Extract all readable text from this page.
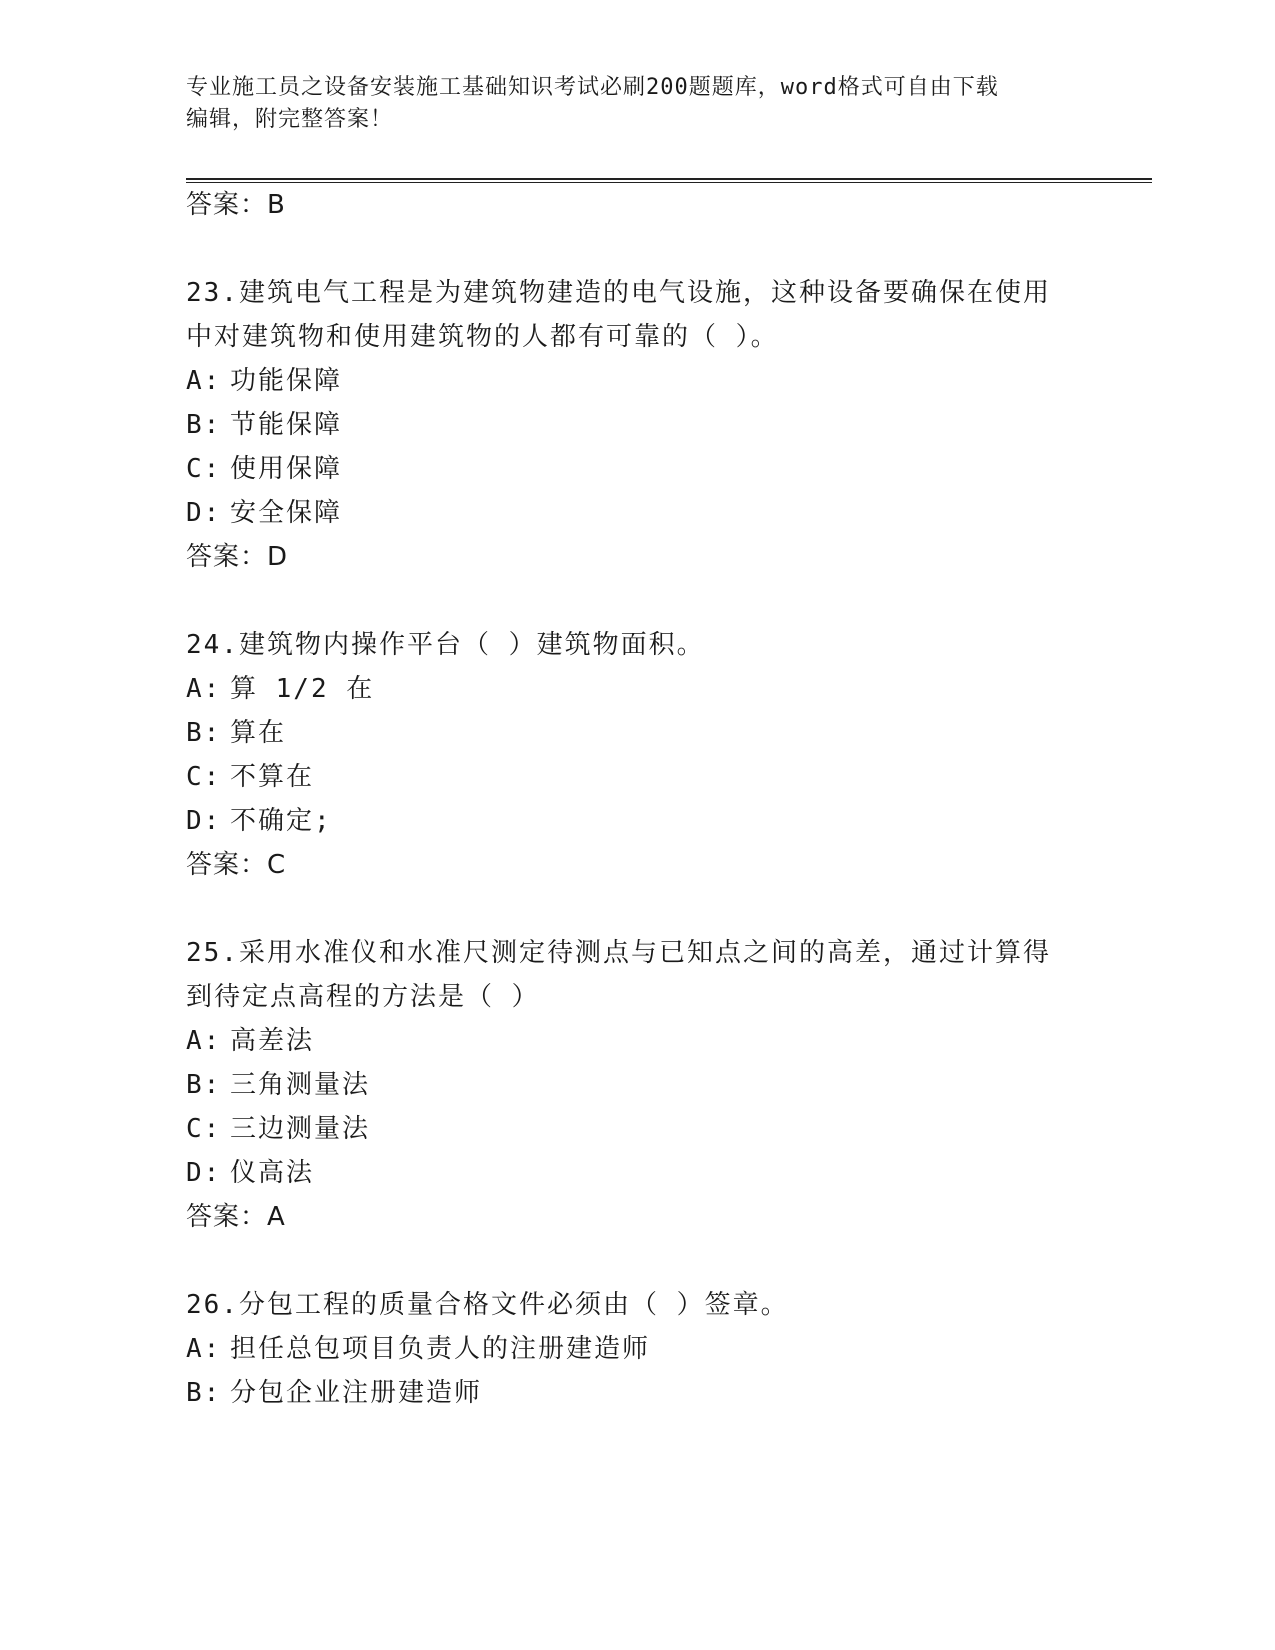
专业施工员之设备安装施工基础知识考试必刷200题题库，word格式可自由下载
编辑，附完整答案！
答案：B
23.建筑电气工程是为建筑物建造的电气设施，这种设备要确保在使用
中对建筑物和使用建筑物的人都有可靠的（ ）。
A: 功能保障
B: 节能保障
C: 使用保障
D: 安全保障
答案：D
24.建筑物内操作平台（ ）建筑物面积。
A: 算 1/2 在
B: 算在
C: 不算在
D: 不确定;
答案：C
25.采用水准仪和水准尺测定待测点与已知点之间的高差，通过计算得
到待定点高程的方法是（ ）
A: 高差法
B: 三角测量法
C: 三边测量法
D: 仪高法
答案：A
26.分包工程的质量合格文件必须由（ ）签章。
A: 担任总包项目负责人的注册建造师
B: 分包企业注册建造师
